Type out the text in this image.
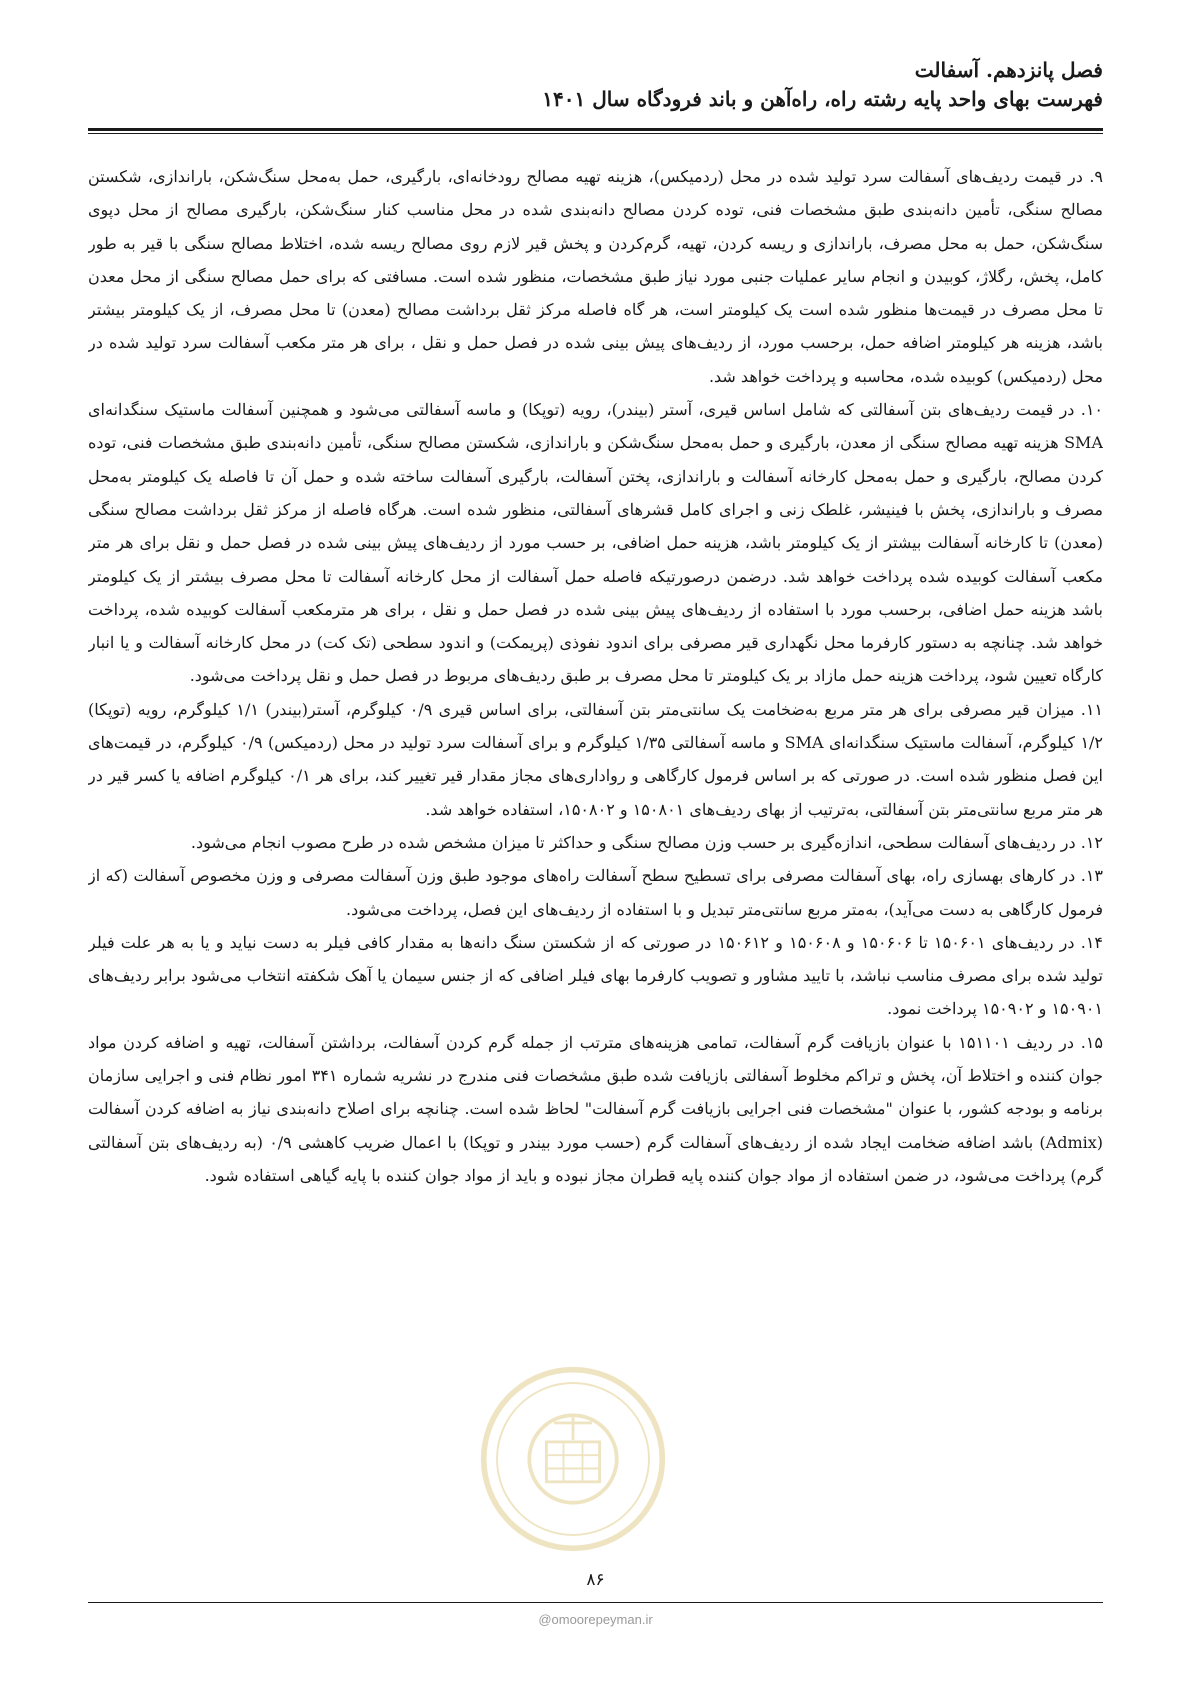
فصل پانزدهم. آسفالت

فهرست بهای واحد پایه رشته راه، راه‌آهن و باند فرودگاه سال ۱۴۰۱

۹. در قیمت ردیف‌های آسفالت سرد تولید شده در محل (ردمیکس)، هزینه تهیه مصالح رودخانه‌ای، بارگیری، حمل به‌محل سنگ‌شکن، باراندازی، شکستن مصالح سنگی، تأمین دانه‌بندی طبق مشخصات فنی، توده کردن مصالح دانه‌بندی شده در محل مناسب کنار سنگ‌شکن، بارگیری مصالح از محل دپوی سنگ‌شکن، حمل به محل مصرف، باراندازی و ریسه کردن، تهیه، گرم‌کردن و پخش قیر لازم روی مصالح ریسه شده، اختلاط مصالح سنگی با قیر به طور کامل، پخش، رگلاژ، کوبیدن و انجام سایر عملیات جنبی مورد نیاز طبق مشخصات، منظور شده است. مسافتی که برای حمل مصالح سنگی از محل معدن تا محل مصرف در قیمت‌ها منظور شده است یک کیلومتر است، هر گاه فاصله مرکز ثقل برداشت مصالح (معدن) تا محل مصرف، از یک کیلومتر بیشتر باشد، هزینه هر کیلومتر اضافه حمل، برحسب مورد، از ردیف‌های پیش بینی شده در فصل حمل و نقل ، برای هر متر مکعب آسفالت سرد تولید شده در محل (ردمیکس) کوبیده شده، محاسبه و پرداخت خواهد شد.

۱۰. در قیمت ردیف‌های بتن آسفالتی که شامل اساس قیری، آستر (بیندر)، رویه (توپکا) و ماسه آسفالتی می‌شود و همچنین آسفالت ماستیک سنگدانه‌ای SMA هزینه تهیه مصالح سنگی از معدن، بارگیری و حمل به‌محل سنگ‌شکن و باراندازی، شکستن مصالح سنگی، تأمین دانه‌بندی طبق مشخصات فنی، توده کردن مصالح، بارگیری و حمل به‌محل کارخانه آسفالت و باراندازی، پختن آسفالت، بارگیری آسفالت ساخته شده و حمل آن تا فاصله یک کیلومتر به‌محل مصرف و باراندازی، پخش با فینیشر، غلطک زنی و اجرای کامل قشرهای آسفالتی، منظور شده است. هرگاه فاصله از مرکز ثقل برداشت مصالح سنگی (معدن) تا کارخانه آسفالت بیشتر از یک کیلومتر باشد، هزینه حمل اضافی، بر حسب مورد از ردیف‌های پیش بینی شده در فصل حمل و نقل برای هر متر مکعب آسفالت کوبیده شده پرداخت خواهد شد. درضمن درصورتیکه فاصله حمل آسفالت از محل کارخانه آسفالت تا محل مصرف بیشتر از یک کیلومتر باشد هزینه حمل اضافی، برحسب مورد با استفاده از ردیف‌های پیش بینی شده در فصل حمل و نقل ، برای هر مترمکعب آسفالت کوبیده شده، پرداخت خواهد شد. چنانچه به دستور کارفرما محل نگهداری قیر مصرفی برای اندود نفوذی (پریمکت) و اندود سطحی (تک کت) در محل کارخانه آسفالت و یا انبار کارگاه تعیین شود، پرداخت هزینه حمل مازاد بر یک کیلومتر تا محل مصرف بر طبق ردیف‌های مربوط در فصل حمل و نقل پرداخت می‌شود.

۱۱. میزان قیر مصرفی برای هر متر مربع به‌ضخامت یک سانتی‌متر بتن آسفالتی، برای اساس قیری ۰/۹ کیلوگرم، آستر(بیندر) ۱/۱ کیلوگرم، رویه (توپکا) ۱/۲ کیلوگرم، آسفالت ماستیک سنگدانه‌ای SMA و ماسه آسفالتی ۱/۳۵ کیلوگرم و برای آسفالت سرد تولید در محل (ردمیکس) ۰/۹ کیلوگرم، در قیمت‌های این فصل منظور شده است. در صورتی که بر اساس فرمول کارگاهی و رواداری‌های مجاز مقدار قیر تغییر کند، برای هر ۰/۱ کیلوگرم اضافه یا کسر قیر در هر متر مربع سانتی‌متر بتن آسفالتی، به‌ترتیب از بهای ردیف‌های ۱۵۰۸۰۱ و ۱۵۰۸۰۲، استفاده خواهد شد.

۱۲. در ردیف‌های آسفالت سطحی، اندازه‌گیری بر حسب وزن مصالح سنگی و حداکثر تا میزان مشخص شده در طرح مصوب انجام می‌شود.

۱۳. در کارهای بهسازی راه، بهای آسفالت مصرفی برای تسطیح سطح آسفالت راه‌های موجود طبق وزن آسفالت مصرفی و وزن مخصوص آسفالت (که از فرمول کارگاهی به دست می‌آید)، به‌متر مربع سانتی‌متر تبدیل و با استفاده از ردیف‌های این فصل، پرداخت می‌شود.

۱۴. در ردیف‌های ۱۵۰۶۰۱ تا ۱۵۰۶۰۶ و ۱۵۰۶۰۸ و ۱۵۰۶۱۲ در صورتی که از شکستن سنگ دانه‌ها به مقدار کافی فیلر به دست نیاید و یا به هر علت فیلر تولید شده برای مصرف مناسب نباشد، با تایید مشاور و تصویب کارفرما بهای فیلر اضافی که از جنس سیمان یا آهک شکفته انتخاب می‌شود برابر ردیف‌های ۱۵۰۹۰۱ و ۱۵۰۹۰۲ پرداخت نمود.

۱۵. در ردیف ۱۵۱۱۰۱ با عنوان بازیافت گرم آسفالت، تمامی هزینه‌های مترتب از جمله گرم کردن آسفالت، برداشتن آسفالت، تهیه و اضافه کردن مواد جوان کننده و اختلاط آن، پخش و تراکم مخلوط آسفالتی بازیافت شده طبق مشخصات فنی مندرج در نشریه شماره ۳۴۱ امور نظام فنی و اجرایی سازمان برنامه و بودجه کشور، با عنوان "مشخصات فنی اجرایی بازیافت گرم آسفالت" لحاظ شده است. چنانچه برای اصلاح دانه‌بندی نیاز به اضافه کردن آسفالت (Admix) باشد اضافه ضخامت ایجاد شده از ردیف‌های آسفالت گرم (حسب مورد بیندر و توپکا) با اعمال ضریب کاهشی ۰/۹ (به ردیف‌های بتن آسفالتی گرم) پرداخت می‌شود، در ضمن استفاده از مواد جوان کننده پایه قطران مجاز نبوده و باید از مواد جوان کننده با پایه گیاهی استفاده شود.

۸۶
@omoorepeyman.ir
